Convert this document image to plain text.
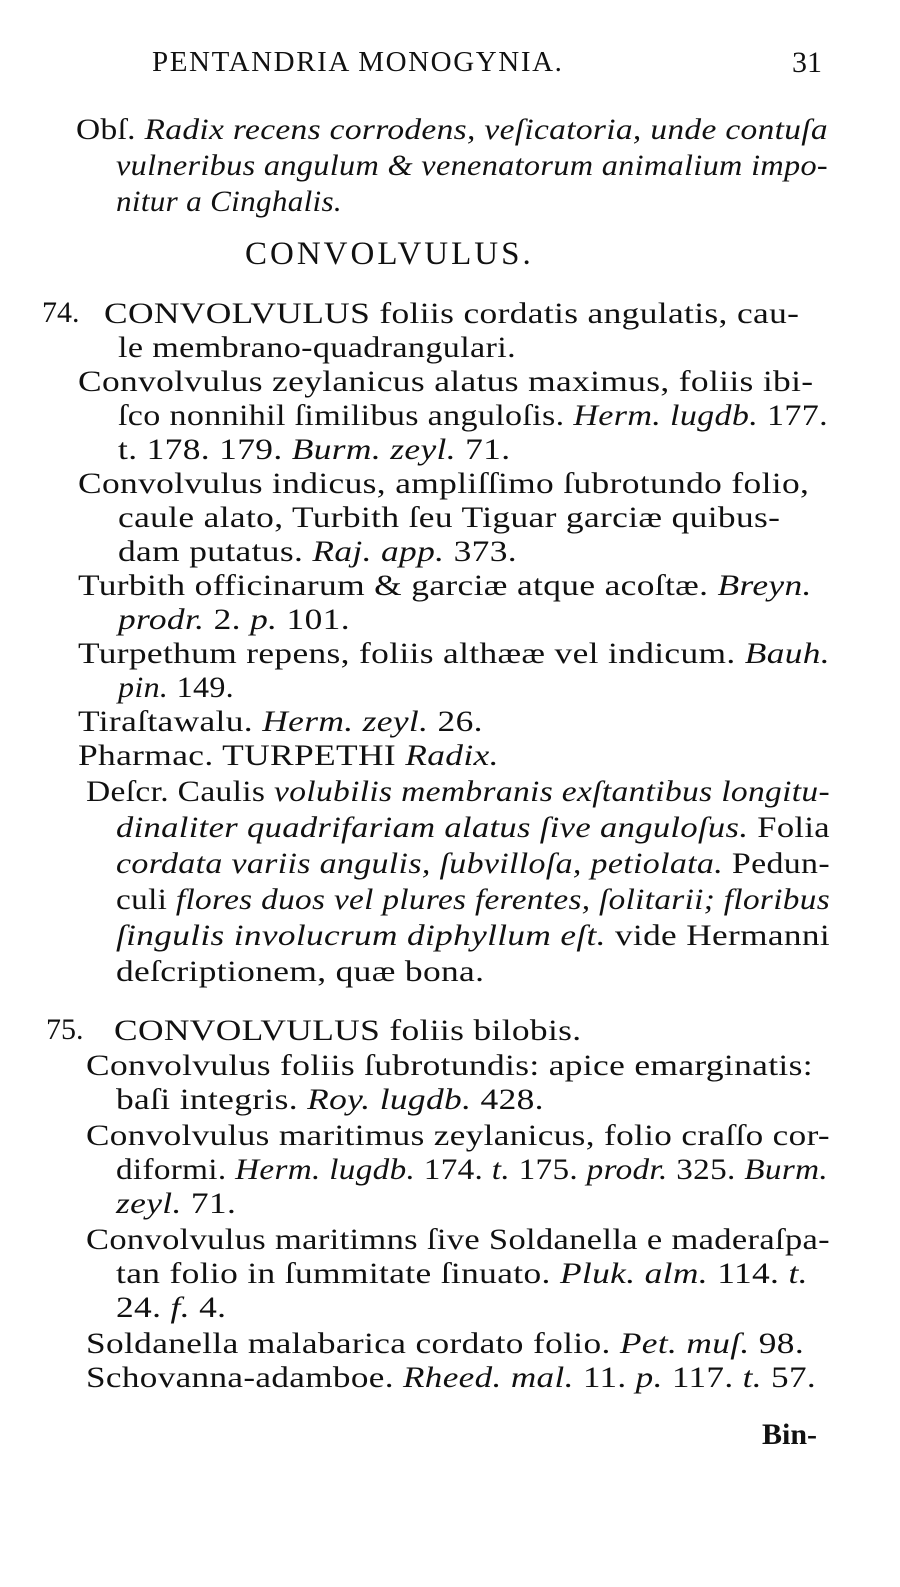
PENTANDRIA MONOGYNIA.	31
Obſ. Radix recens corrodens, veſicatoria, unde contuſa
vulneribus angulum & venenatorum animalium impo-
nitur a Cinghalis.
CONVOLVULUS.
74. CONVOLVULUS foliis cordatis angulatis, cau-
le membrano-quadrangulari.
Convolvulus zeylanicus alatus maximus, foliis ibi-
ſco nonnihil ſimilibus anguloſis. Herm. lugdb. 177.
t. 178. 179. Burm. zeyl. 71.
Convolvulus indicus, ampliſſimo ſubrotundo folio,
caule alato, Turbith ſeu Tiguar garciæ quibus-
dam putatus. Raj. app. 373.
Turbith officinarum & garciæ atque acoſtæ. Breyn.
prodr. 2. p. 101.
Turpethum repens, foliis althææ vel indicum. Bauh.
pin. 149.
Tiraſtawalu. Herm. zeyl. 26.
Pharmac. TURPETHI Radix.
Deſcr. Caulis volubilis membranis exſtantibus longitu-
dinaliter quadrifariam alatus ſive anguloſus. Folia
cordata variis angulis, ſubvilloſa, petiolata. Pedun-
culi flores duos vel plures ferentes, ſolitarii; floribus
ſingulis involucrum diphyllum eſt. vide Hermanni
deſcriptionem, quæ bona.
75. CONVOLVULUS foliis bilobis.
Convolvulus foliis ſubrotundis: apice emarginatis:
baſi integris. Roy. lugdb. 428.
Convolvulus maritimus zeylanicus, folio craſſo cor-
diformi. Herm. lugdb. 174. t. 175. prodr. 325. Burm.
zeyl. 71.
Convolvulus maritimns ſive Soldanella e maderaſpa-
tan folio in ſummitate ſinuato. Pluk. alm. 114. t.
24. f. 4.
Soldanella malabarica cordato folio. Pet. muſ. 98.
Schovanna-adamboe. Rheed. mal. 11. p. 117. t. 57.
Bin-
